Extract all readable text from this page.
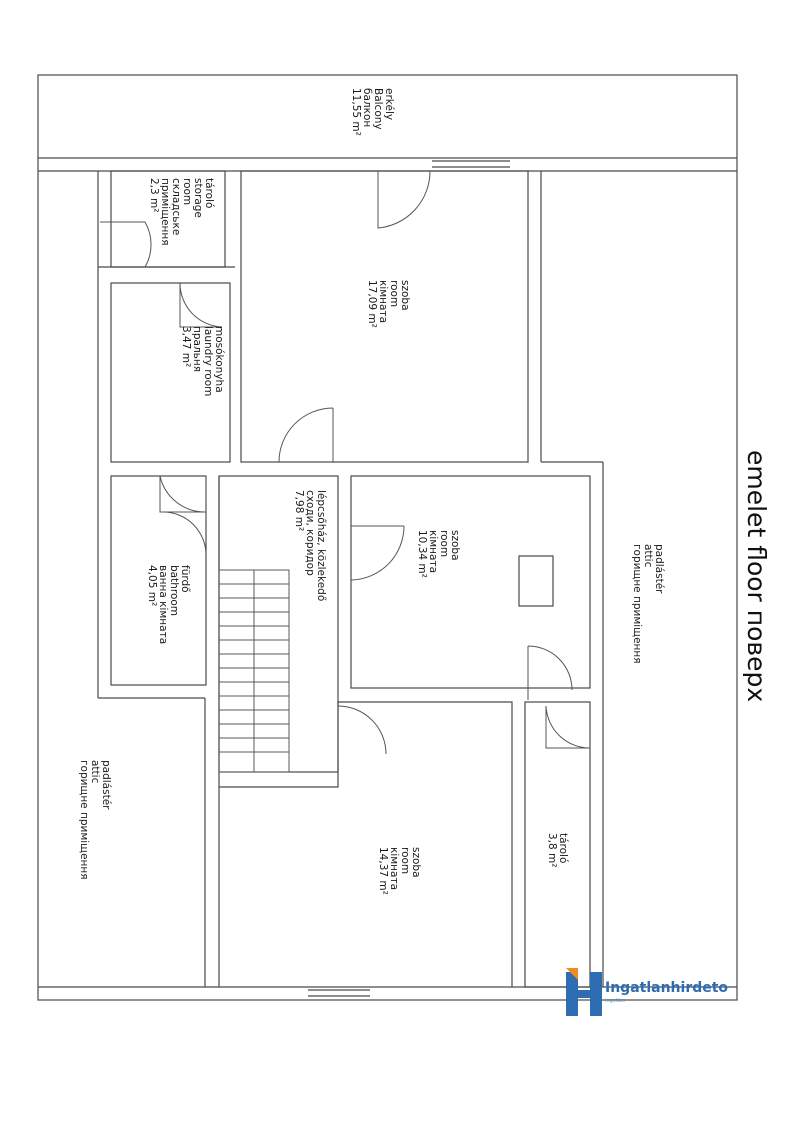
emelet floor поверх
erkély
Balcony
балкон
11,55 m²
tároló
storage
room
складське
приміщення
2,3 m²
mosókonyha
laundry room
пральня
3,47 m²
szoba
room
кімната
17,09 m²
fürdő
bathroom
ванна кімната
4,05 m²	lépcsőház, közlekedő
сходи, коридор
7,98 m²
szoba
room
кімната
10,34 m²	padlástér
attic
горищне приміщення
padlástér
attic
горищне приміщення	szoba
room
кімната
14,37 m²	tároló
3,8 m²
Ingatlanhirdeto
ingatlan
